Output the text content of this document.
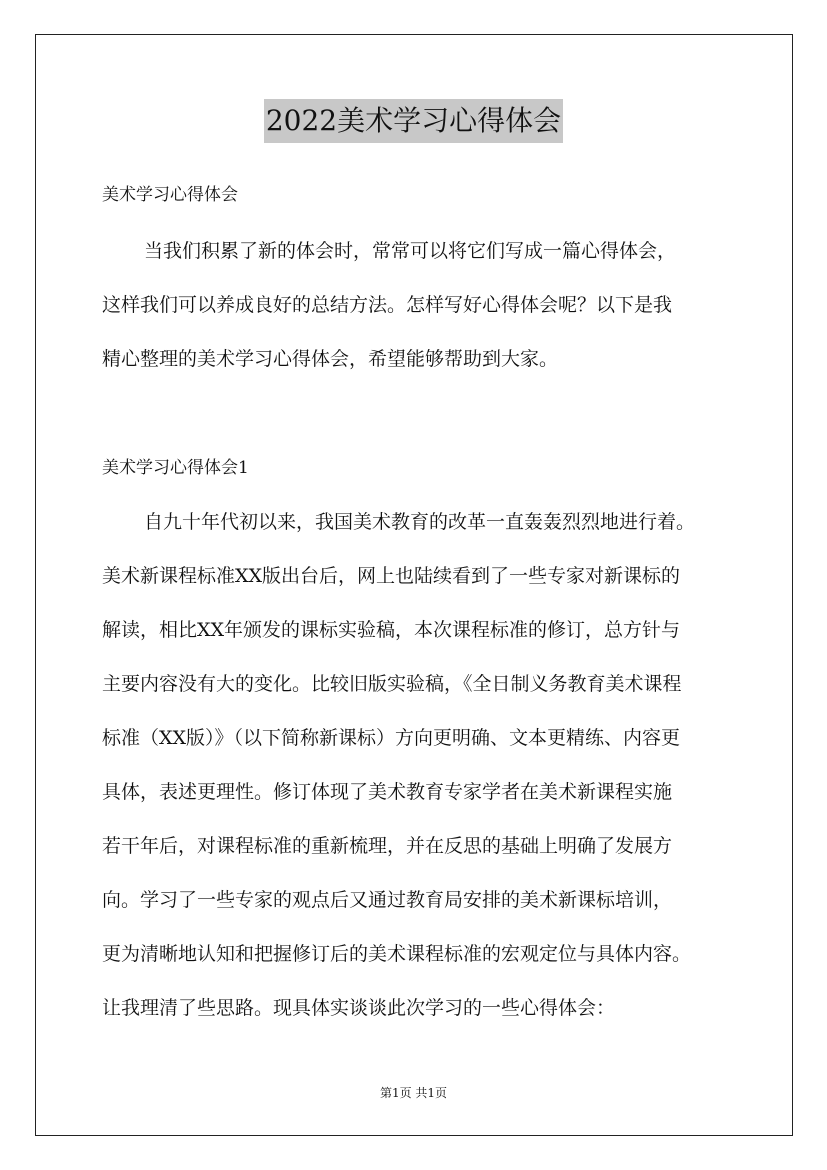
2022美术学习心得体会
美术学习心得体会
当我们积累了新的体会时，常常可以将它们写成一篇心得体会，
这样我们可以养成良好的总结方法。怎样写好心得体会呢？以下是我
精心整理的美术学习心得体会，希望能够帮助到大家。
美术学习心得体会1
自九十年代初以来，我国美术教育的改革一直轰轰烈烈地进行着。
美术新课程标准XX版出台后，网上也陆续看到了一些专家对新课标的
解读，相比XX年颁发的课标实验稿，本次课程标准的修订，总方针与
主要内容没有大的变化。比较旧版实验稿，《全日制义务教育美术课程
标准（XX版）》（以下简称新课标）方向更明确、文本更精练、内容更
具体，表述更理性。修订体现了美术教育专家学者在美术新课程实施
若干年后，对课程标准的重新梳理，并在反思的基础上明确了发展方
向。学习了一些专家的观点后又通过教育局安排的美术新课标培训，
更为清晰地认知和把握修订后的美术课程标准的宏观定位与具体内容。
让我理清了些思路。现具体实谈谈此次学习的一些心得体会：
第1页 共1页
